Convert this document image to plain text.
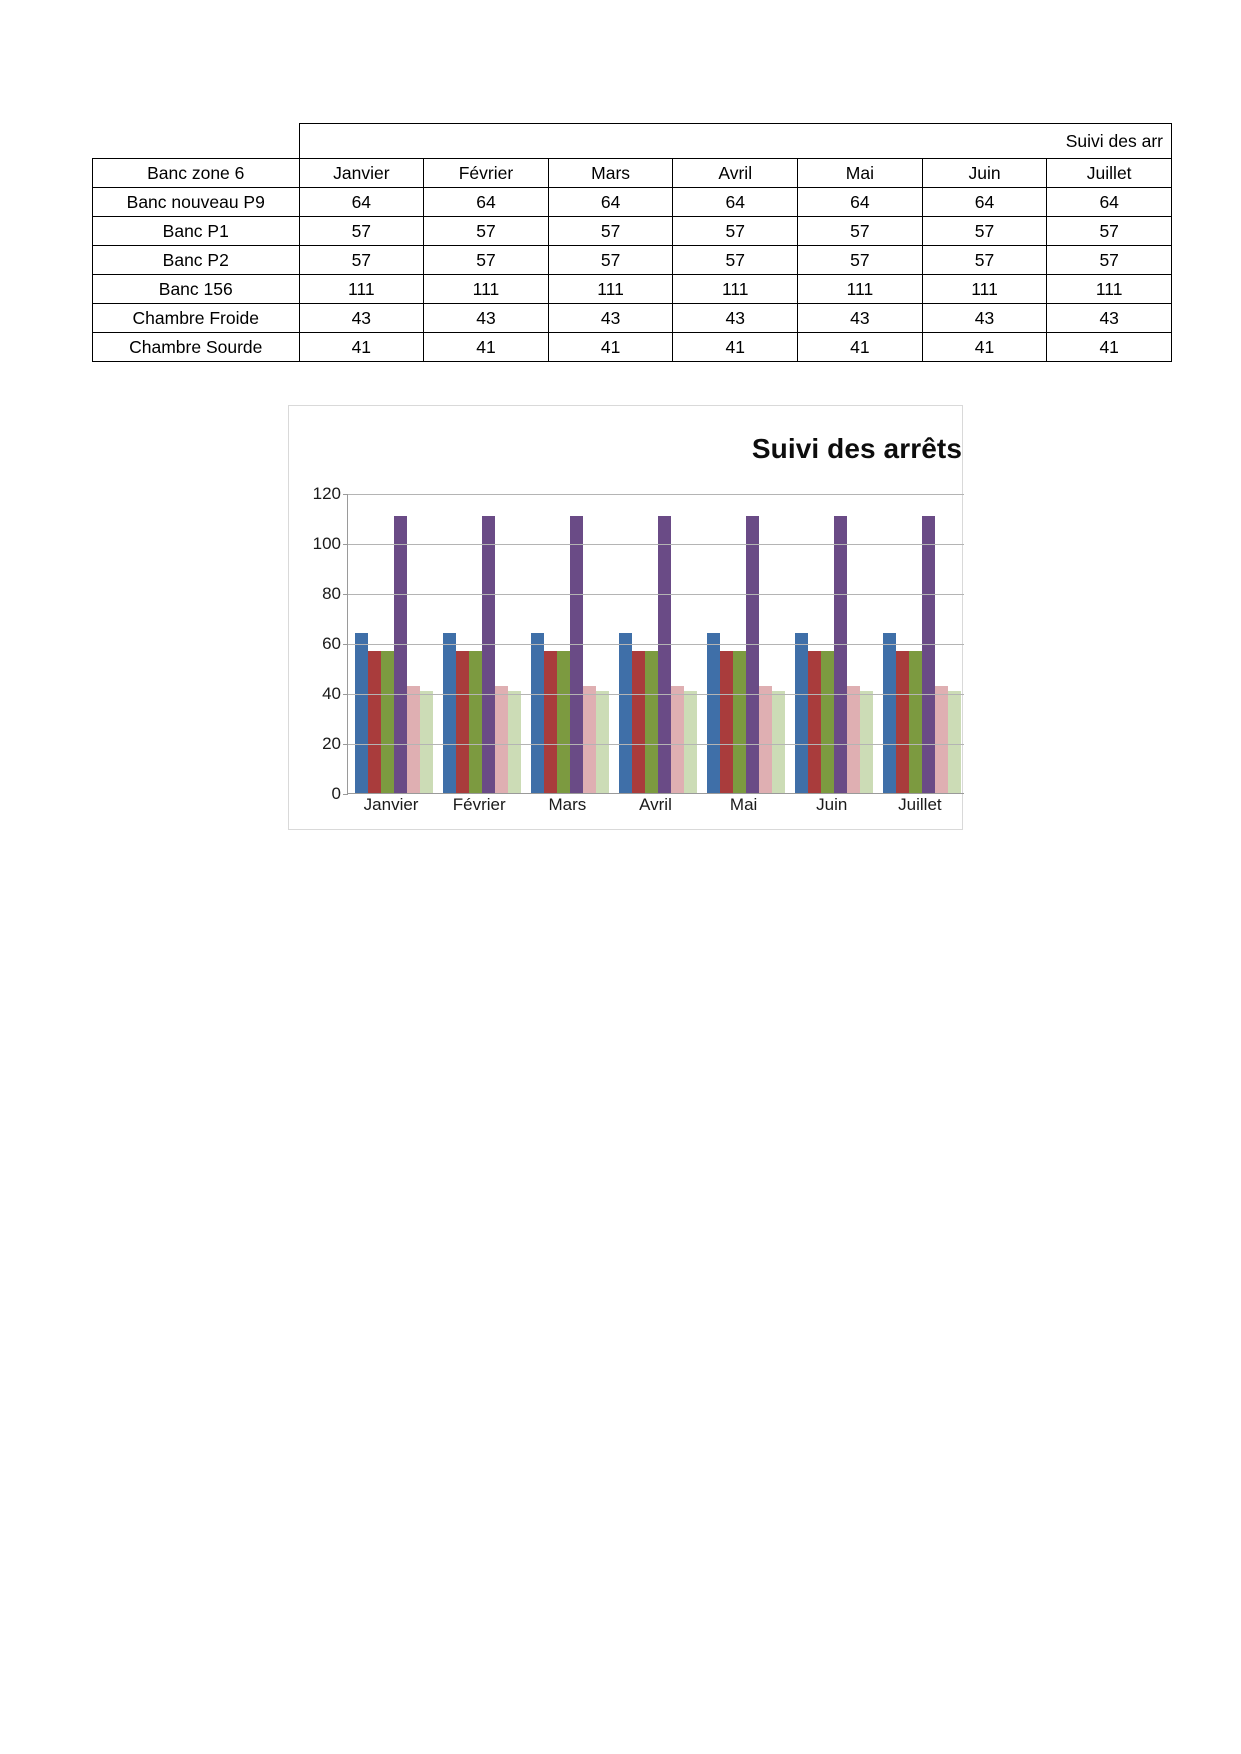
	Suivi des arr						
Banc zone 6	Janvier	Février	Mars	Avril	Mai	Juin	Juillet
Banc nouveau P9	64	64	64	64	64	64	64
Banc P1	57	57	57	57	57	57	57
Banc P2	57	57	57	57	57	57	57
Banc 156	111	111	111	111	111	111	111
Chambre Froide	43	43	43	43	43	43	43
Chambre Sourde	41	41	41	41	41	41	41
Suivi des arrêts
0
20
40
60
80
100
120
Janvier	Février	Mars	Avril	Mai	Juin	Juillet
